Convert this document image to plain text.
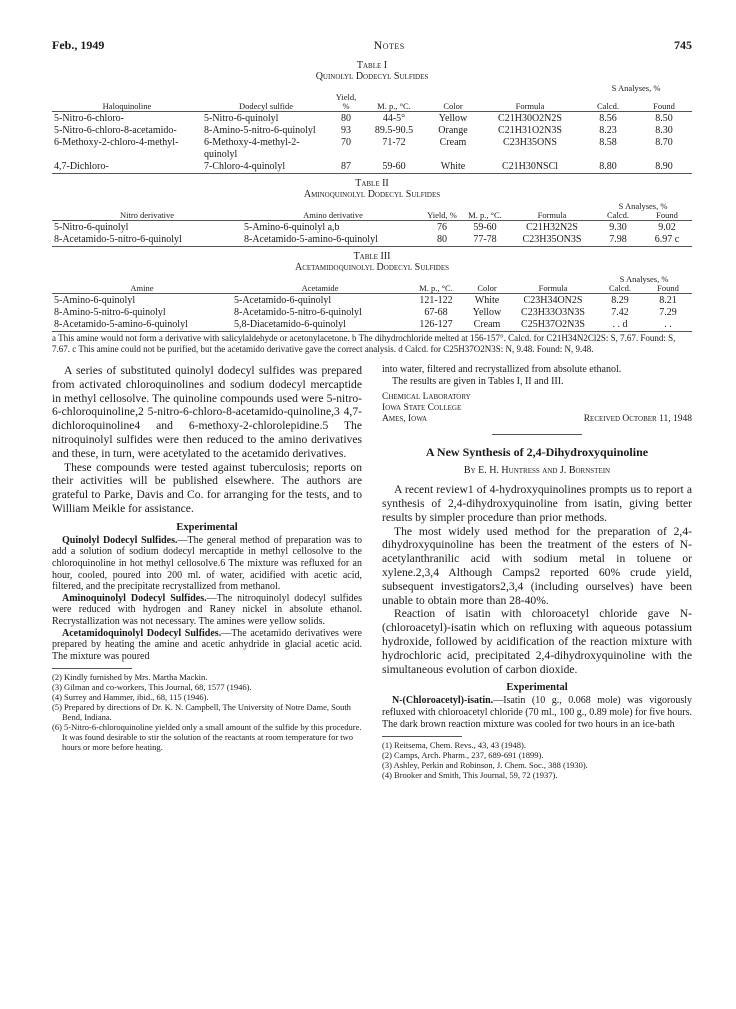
Feb., 1949	Notes	745
Table I
Quinolyl Dodecyl Sulfides
						S Analyses, %	
Haloquinoline	Dodecyl sulfide	Yield, %	M. p., °C.	Color	Formula	Calcd.	Found
5-Nitro-6-chloro-	5-Nitro-6-quinolyl	80	44-5°	Yellow	C21H30O2N2S	8.56	8.50
5-Nitro-6-chloro-8-acetamido-	8-Amino-5-nitro-6-quinolyl	93	89.5-90.5	Orange	C21H31O2N3S	8.23	8.30
6-Methoxy-2-chloro-4-methyl-	6-Methoxy-4-methyl-2-quinolyl	70	71-72	Cream	C23H35ONS	8.58	8.70
4,7-Dichloro-	7-Chloro-4-quinolyl	87	59-60	White	C21H30NSCl	8.80	8.90
Table II
Aminoquinolyl Dodecyl Sulfides
					S Analyses, %	
Nitro derivative	Amino derivative	Yield, %	M. p., °C.	Formula	Calcd.	Found
5-Nitro-6-quinolyl	5-Amino-6-quinolyl a,b	76	59-60	C21H32N2S	9.30	9.02
8-Acetamido-5-nitro-6-quinolyl	8-Acetamido-5-amino-6-quinolyl	80	77-78	C23H35ON3S	7.98	6.97 c
Table III
Acetamidoquinolyl Dodecyl Sulfides
					S Analyses, %	
Amine	Acetamide	M. p., °C.	Color	Formula	Calcd.	Found
5-Amino-6-quinolyl	5-Acetamido-6-quinolyl	121-122	White	C23H34ON2S	8.29	8.21
8-Amino-5-nitro-6-quinolyl	8-Acetamido-5-nitro-6-quinolyl	67-68	Yellow	C23H33O3N3S	7.42	7.29
8-Acetamido-5-amino-6-quinolyl	5,8-Diacetamido-6-quinolyl	126-127	Cream	C25H37O2N3S	. . d	. .
a This amine would not form a derivative with salicylaldehyde or acetonylacetone. b The dihydrochloride melted at 156-157°. Calcd. for C21H34N2Cl2S: S, 7.67. Found: S, 7.67. c This amine could not be purified, but the acetamido derivative gave the correct analysis. d Calcd. for C25H37O2N3S: N, 9.48. Found: N, 9.48.

A series of substituted quinolyl dodecyl sulfides was prepared from activated chloroquinolines and sodium dodecyl mercaptide in methyl cellosolve. The quinoline compounds used were 5-nitro-6-chloroquinoline,2 5-nitro-6-chloro-8-acetamido-quinoline,3 4,7-dichloroquinoline4 and 6-methoxy-2-chlorolepidine.5 The nitroquinolyl sulfides were then reduced to the amino derivatives and these, in turn, were acetylated to the acetamido derivatives.

These compounds were tested against tuberculosis; reports on their activities will be published elsewhere. The authors are grateful to Parke, Davis and Co. for arranging for the tests, and to William Meikle for assistance.

Experimental

Quinolyl Dodecyl Sulfides.—The general method of preparation was to add a solution of sodium dodecyl mercaptide in methyl cellosolve to the chloroquinoline in hot methyl cellosolve.6 The mixture was refluxed for an hour, cooled, poured into 200 ml. of water, acidified with acetic acid, filtered, and the precipitate recrystallized from methanol.

Aminoquinolyl Dodecyl Sulfides.—The nitroquinolyl dodecyl sulfides were reduced with hydrogen and Raney nickel in absolute ethanol. Recrystallization was not necessary. The amines were yellow solids.

Acetamidoquinolyl Dodecyl Sulfides.—The acetamido derivatives were prepared by heating the amine and acetic anhydride in glacial acetic acid. The mixture was poured

(2) Kindly furnished by Mrs. Martha Mackin.

(3) Gilman and co-workers, This Journal, 68, 1577 (1946).

(4) Surrey and Hammer, ibid., 68, 115 (1946).

(5) Prepared by directions of Dr. K. N. Campbell, The University of Notre Dame, South Bend, Indiana.

(6) 5-Nitro-6-chloroquinoline yielded only a small amount of the sulfide by this procedure. It was found desirable to stir the solution of the reactants at room temperature for two hours or more before heating.

into water, filtered and recrystallized from absolute ethanol.

The results are given in Tables I, II and III.

Chemical Laboratory
Iowa State College
Ames, Iowa	Received October 11, 1948
A New Synthesis of 2,4-Dihydroxyquinoline
By E. H. Huntress and J. Bornstein

A recent review1 of 4-hydroxyquinolines prompts us to report a synthesis of 2,4-dihydroxyquinoline from isatin, giving better results by simpler procedure than prior methods.

The most widely used method for the preparation of 2,4-dihydroxyquinoline has been the treatment of the esters of N-acetylanthranilic acid with sodium metal in toluene or xylene.2,3,4 Although Camps2 reported 60% crude yield, subsequent investigators2,3,4 (including ourselves) have been unable to obtain more than 28-40%.

Reaction of isatin with chloroacetyl chloride gave N-(chloroacetyl)-isatin which on refluxing with aqueous potassium hydroxide, followed by acidification of the reaction mixture with hydrochloric acid, precipitated 2,4-dihydroxyquinoline with the simultaneous evolution of carbon dioxide.

Experimental

N-(Chloroacetyl)-isatin.—Isatin (10 g., 0.068 mole) was vigorously refluxed with chloroacetyl chloride (70 ml., 100 g., 0.89 mole) for five hours. The dark brown reaction mixture was cooled for two hours in an ice-bath

(1) Reitsema, Chem. Revs., 43, 43 (1948).

(2) Camps, Arch. Pharm., 237, 689-691 (1899).

(3) Ashley, Perkin and Robinson, J. Chem. Soc., 388 (1930).

(4) Brooker and Smith, This Journal, 59, 72 (1937).
